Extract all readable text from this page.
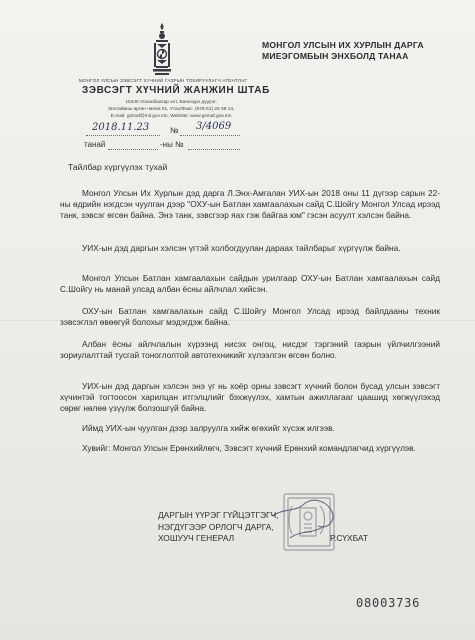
МОНГОЛ УЛСЫН ЗЭВСЭГТ ХҮЧНИЙ ГАЗРЫН ТОХИРУУЛАГЧ АГЕНТЛАГ
ЗЭВСЭГТ ХҮЧНИЙ ЖАНЖИН ШТАБ
15340 Улаанбаатар хот, Баянзүрх дүүрэг,
Энхтайвны өргөн чөлөө 51, Утас/Факс: (976-51) 26 59 14,
E-mail: gsmaf@mil.gov.mn, Website: www.gsmaf.gov.mn
МОНГОЛ УЛСЫН ИХ ХУРЛЫН ДАРГА
МИЕЭГОМБЫН ЭНХБОЛД ТАНАА
2018.11.23	№ 3/4069
танай	-ны №
Тайлбар хүргүүлэх тухай

Монгол Улсын Их Хурлын дэд дарга Л.Энх-Амгалан УИХ-ын 2018 оны 11 дүгээр сарын 22-ны өдрийн нэгдсэн чуулган дээр "ОХУ-ын Батлан хамгаалахын сайд С.Шойгу Монгол Улсад ирээд танк, зэвсэг өгсөн байна. Энэ танк, зэвсгээр яах гэж байгаа юм" гэсэн асуулт хэлсэн байна.

УИХ-ын дэд даргын хэлсэн үгтэй холбогдуулан дараах тайлбарыг хүргүүлж байна.

Монгол Улсын Батлан хамгаалахын сайдын урилгаар ОХУ-ын Батлан хамгаалахын сайд С.Шойгу нь манай улсад албан ёсны айлчлал хийсэн.

ОХУ-ын Батлан хамгаалахын сайд С.Шойгу Монгол Улсад ирээд байлдааны техник зэвсэглэл өвөөгүй болохыг мэдэгдэж байна.

Албан ёсны айлчлалын хүрээнд нисэх онгоц, нисдэг тэргэний гаэрын үйлчилгээний зориулалттай тусгай тоноглолтой автотехникийг хүлээлгэн өгсөн болно.

УИХ-ын дэд даргын хэлсэн энэ үг нь хоёр орны зэвсэгт хүчний болон бусад улсын зэвсэгт хүчинтэй тогтоосон харилцан итгэлцлийг бэхжүүлэх, хамтын ажиллагааг цаашид хөгжүүлэхэд сөрөг нөлөө үзүүлж болзошгүй байна.

Иймд УИХ-ын чуулган дээр залруулга хийж өгөхийг хүсэж илгээв.

Хувийг: Монгол Улсын Ерөнхийлөгч, Зэвсэгт хүчний Ерөнхий командлагчид хүргүүлэв.

ДАРГЫН ҮҮРЭГ ГҮЙЦЭТГЭГЧ,
НЭГДҮГЭЭР ОРЛОГЧ ДАРГА,
ХОШУУЧ ГЕНЕРАЛ	Р.СҮХБАТ
08003736
